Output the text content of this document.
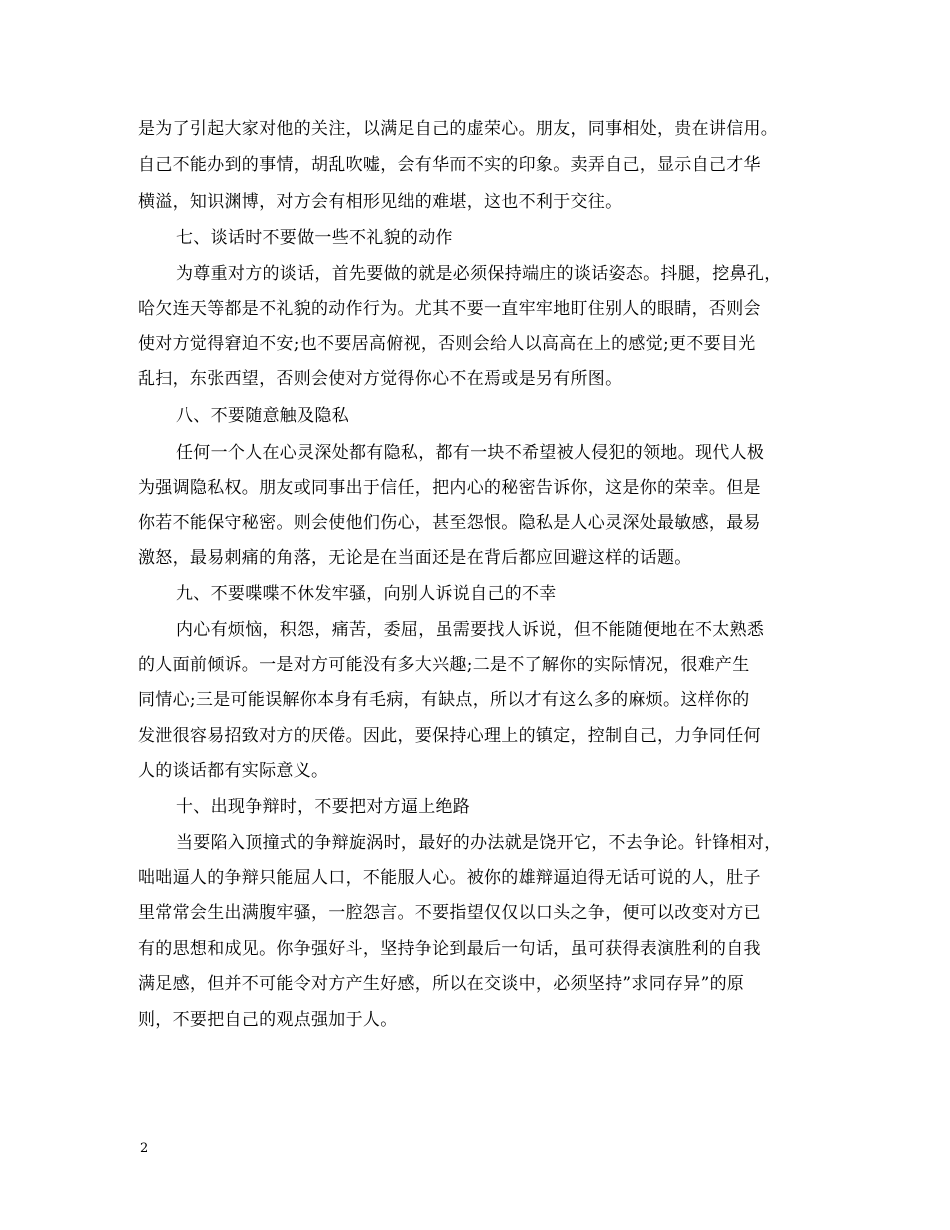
是为了引起大家对他的关注，以满足自己的虚荣心。朋友，同事相处，贵在讲信用。
自己不能办到的事情，胡乱吹嘘，会有华而不实的印象。卖弄自己，显示自己才华
横溢，知识渊博，对方会有相形见绌的难堪，这也不利于交往。
七、谈话时不要做一些不礼貌的动作
为尊重对方的谈话，首先要做的就是必须保持端庄的谈话姿态。抖腿，挖鼻孔，
哈欠连天等都是不礼貌的动作行为。尤其不要一直牢牢地盯住别人的眼睛，否则会
使对方觉得窘迫不安;也不要居高俯视，否则会给人以高高在上的感觉;更不要目光
乱扫，东张西望，否则会使对方觉得你心不在焉或是另有所图。
八、不要随意触及隐私
任何一个人在心灵深处都有隐私，都有一块不希望被人侵犯的领地。现代人极
为强调隐私权。朋友或同事出于信任，把内心的秘密告诉你，这是你的荣幸。但是
你若不能保守秘密。则会使他们伤心，甚至怨恨。隐私是人心灵深处最敏感，最易
激怒，最易刺痛的角落，无论是在当面还是在背后都应回避这样的话题。
九、不要喋喋不休发牢骚，向别人诉说自己的不幸
内心有烦恼，积怨，痛苦，委屈，虽需要找人诉说，但不能随便地在不太熟悉
的人面前倾诉。一是对方可能没有多大兴趣;二是不了解你的实际情况，很难产生
同情心;三是可能误解你本身有毛病，有缺点，所以才有这么多的麻烦。这样你的
发泄很容易招致对方的厌倦。因此，要保持心理上的镇定，控制自己，力争同任何
人的谈话都有实际意义。
十、出现争辩时，不要把对方逼上绝路
当要陷入顶撞式的争辩旋涡时，最好的办法就是饶开它，不去争论。针锋相对，
咄咄逼人的争辩只能屈人口，不能服人心。被你的雄辩逼迫得无话可说的人，肚子
里常常会生出满腹牢骚，一腔怨言。不要指望仅仅以口头之争，便可以改变对方已
有的思想和成见。你争强好斗，坚持争论到最后一句话，虽可获得表演胜利的自我
满足感，但并不可能令对方产生好感，所以在交谈中，必须坚持”求同存异”的原
则，不要把自己的观点强加于人。
2
